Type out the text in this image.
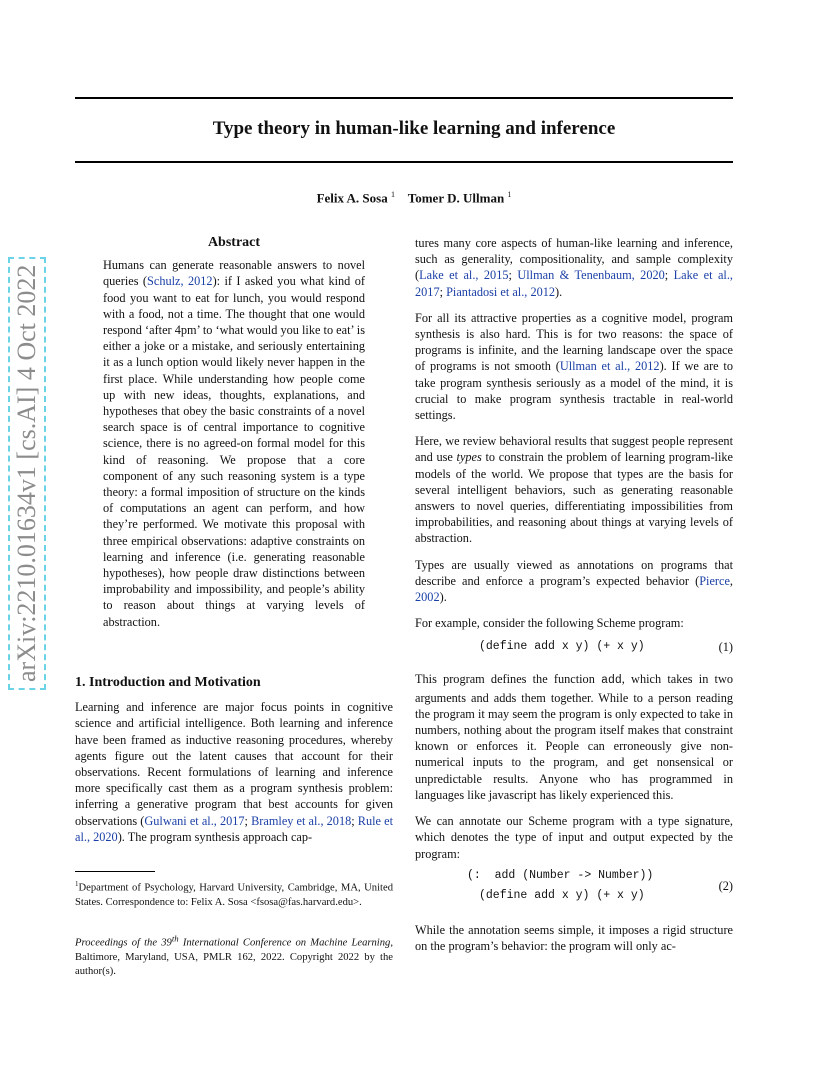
arXiv:2210.01634v1 [cs.AI] 4 Oct 2022
Type theory in human-like learning and inference
Felix A. Sosa $^1$ Tomer D. Ullman $^1$
Abstract
Humans can generate reasonable answers to novel queries (Schulz, 2012): if I asked you what kind of food you want to eat for lunch, you would respond with a food, not a time. The thought that one would respond ‘after 4pm’ to ‘what would you like to eat’ is either a joke or a mistake, and seriously entertaining it as a lunch option would likely never happen in the first place. While understanding how people come up with new ideas, thoughts, explanations, and hypotheses that obey the basic constraints of a novel search space is of central importance to cognitive science, there is no agreed-on formal model for this kind of reasoning. We propose that a core component of any such reasoning system is a type theory: a formal imposition of structure on the kinds of computations an agent can perform, and how they’re performed. We motivate this proposal with three empirical observations: adaptive constraints on learning and inference (i.e. generating reasonable hypotheses), how people draw distinctions between improbability and impossibility, and people’s ability to reason about things at varying levels of abstraction.
1. Introduction and Motivation

Learning and inference are major focus points in cognitive science and artificial intelligence. Both learning and inference have been framed as inductive reasoning procedures, whereby agents figure out the latent causes that account for their observations. Recent formulations of learning and inference more specifically cast them as a program synthesis problem: inferring a generative program that best accounts for given observations (Gulwani et al., 2017; Bramley et al., 2018; Rule et al., 2020). The program synthesis approach cap-

$^1$Department of Psychology, Harvard University, Cambridge, MA, United States. Correspondence to: Felix A. Sosa <fsosa@fas.harvard.edu>.
Proceedings of the 39th International Conference on Machine Learning, Baltimore, Maryland, USA, PMLR 162, 2022. Copyright 2022 by the author(s).

tures many core aspects of human-like learning and inference, such as generality, compositionality, and sample complexity (Lake et al., 2015; Ullman & Tenenbaum, 2020; Lake et al., 2017; Piantadosi et al., 2012).

For all its attractive properties as a cognitive model, program synthesis is also hard. This is for two reasons: the space of programs is infinite, and the learning landscape over the space of programs is not smooth (Ullman et al., 2012). If we are to take program synthesis seriously as a model of the mind, it is crucial to make program synthesis tractable in real-world settings.

Here, we review behavioral results that suggest people represent and use types to constrain the problem of learning program-like models of the world. We propose that types are the basis for several intelligent behaviors, such as generating reasonable answers to novel queries, differentiating impossibilities from improbabilities, and reasoning about things at varying levels of abstraction.

Types are usually viewed as annotations on programs that describe and enforce a program’s expected behavior (Pierce, 2002).

For example, consider the following Scheme program:

(define add x y) (+ x y)	(1)

This program defines the function add, which takes in two arguments and adds them together. While to a person reading the program it may seem the program is only expected to take in numbers, nothing about the program itself makes that constraint known or enforces it. People can erroneously give non-numerical inputs to the program, and get nonsensical or unpredictable results. Anyone who has programmed in languages like javascript has likely experienced this.

We can annotate our Scheme program with a type signature, which denotes the type of input and output expected by the program:

(:  add (Number -> Number))
(define add x y) (+ x y)
(2)

While the annotation seems simple, it imposes a rigid structure on the program’s behavior: the program will only ac-
